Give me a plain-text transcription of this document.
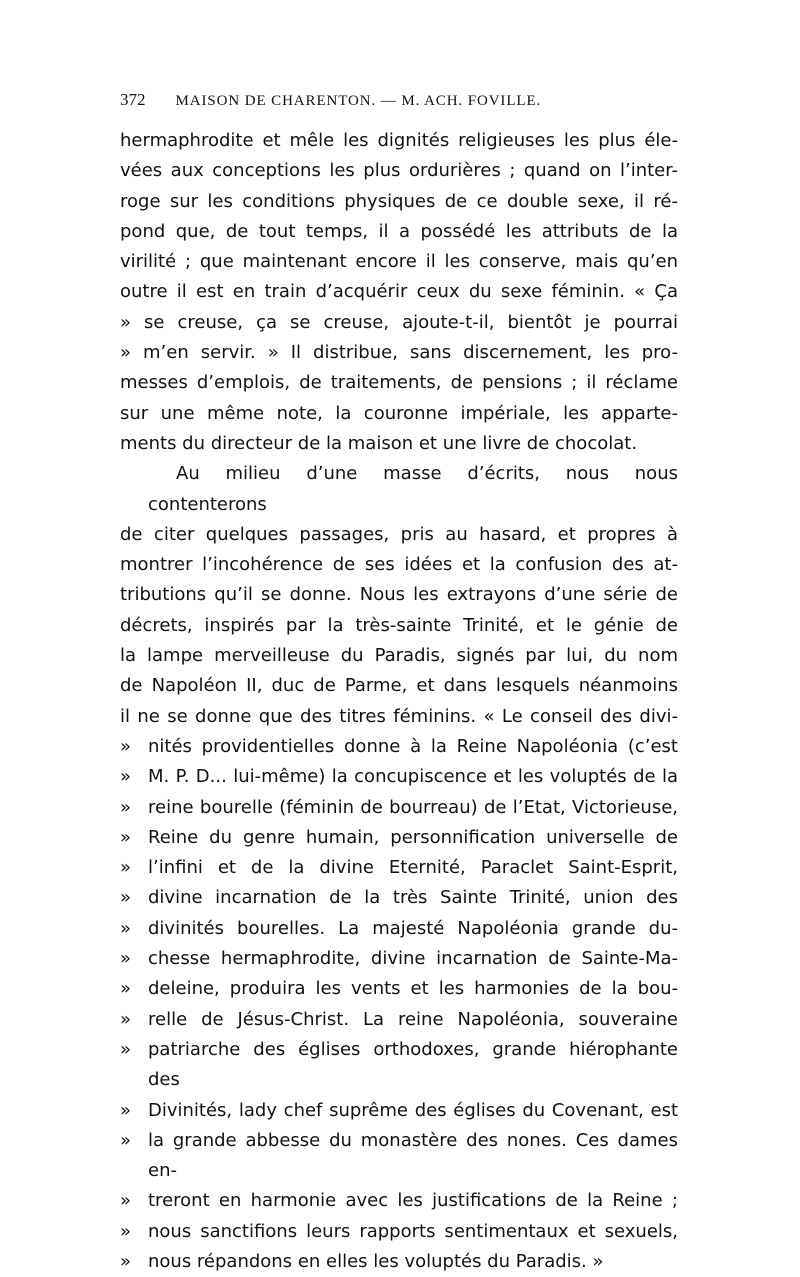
372 MAISON DE CHARENTON. — M. ACH. FOVILLE.
hermaphrodite et mêle les dignités religieuses les plus éle-
vées aux conceptions les plus ordurières ; quand on l’inter-
roge sur les conditions physiques de ce double sexe, il ré-
pond que, de tout temps, il a possédé les attributs de la
virilité ; que maintenant encore il les conserve, mais qu’en
outre il est en train d’acquérir ceux du sexe féminin. « Ça
» se creuse, ça se creuse, ajoute-t-il, bientôt je pourrai
» m’en servir. » Il distribue, sans discernement, les pro-
messes d’emplois, de traitements, de pensions ; il réclame
sur une même note, la couronne impériale, les apparte-
ments du directeur de la maison et une livre de chocolat.
Au milieu d’une masse d’écrits, nous nous contenterons
de citer quelques passages, pris au hasard, et propres à
montrer l’incohérence de ses idées et la confusion des at-
tributions qu’il se donne. Nous les extrayons d’une série de
décrets, inspirés par la très-sainte Trinité, et le génie de
la lampe merveilleuse du Paradis, signés par lui, du nom
de Napoléon II, duc de Parme, et dans lesquels néanmoins
il ne se donne que des titres féminins. « Le conseil des divi-
» nités providentielles donne à la Reine Napoléonia (c’est
» M. P. D... lui-même) la concupiscence et les voluptés de la
» reine bourelle (féminin de bourreau) de l’Etat, Victorieuse,
» Reine du genre humain, personnification universelle de
» l’infini et de la divine Eternité, Paraclet Saint-Esprit,
» divine incarnation de la très Sainte Trinité, union des
» divinités bourelles. La majesté Napoléonia grande du-
» chesse hermaphrodite, divine incarnation de Sainte-Ma-
» deleine, produira les vents et les harmonies de la bou-
» relle de Jésus-Christ. La reine Napoléonia, souveraine
» patriarche des églises orthodoxes, grande hiérophante des
» Divinités, lady chef suprême des églises du Covenant, est
» la grande abbesse du monastère des nones. Ces dames en-
» treront en harmonie avec les justifications de la Reine ;
» nous sanctifions leurs rapports sentimentaux et sexuels,
» nous répandons en elles les voluptés du Paradis. »
